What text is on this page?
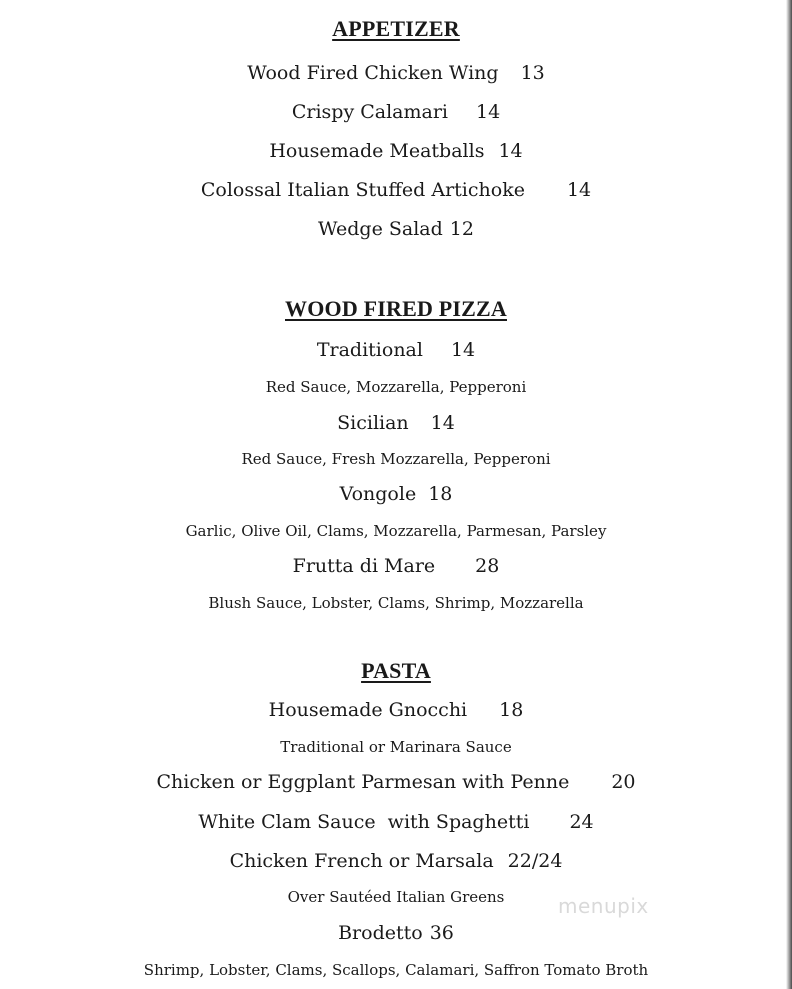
APPETIZER
Wood Fired Chicken Wing 13
Crispy Calamari 14
Housemade Meatballs 14
Colossal Italian Stuffed Artichoke 14
Wedge Salad 12
WOOD FIRED PIZZA
Traditional 14
Red Sauce, Mozzarella, Pepperoni
Sicilian 14
Red Sauce, Fresh Mozzarella, Pepperoni
Vongole 18
Garlic, Olive Oil, Clams, Mozzarella, Parmesan, Parsley
Frutta di Mare 28
Blush Sauce, Lobster, Clams, Shrimp, Mozzarella
PASTA
Housemade Gnocchi 18
Traditional or Marinara Sauce
Chicken or Eggplant Parmesan with Penne 20
White Clam Sauce  with Spaghetti 24
Chicken French or Marsala 22/24
Over Sautéed Italian Greens
Brodetto 36
Shrimp, Lobster, Clams, Scallops, Calamari, Saffron Tomato Broth
menupix
